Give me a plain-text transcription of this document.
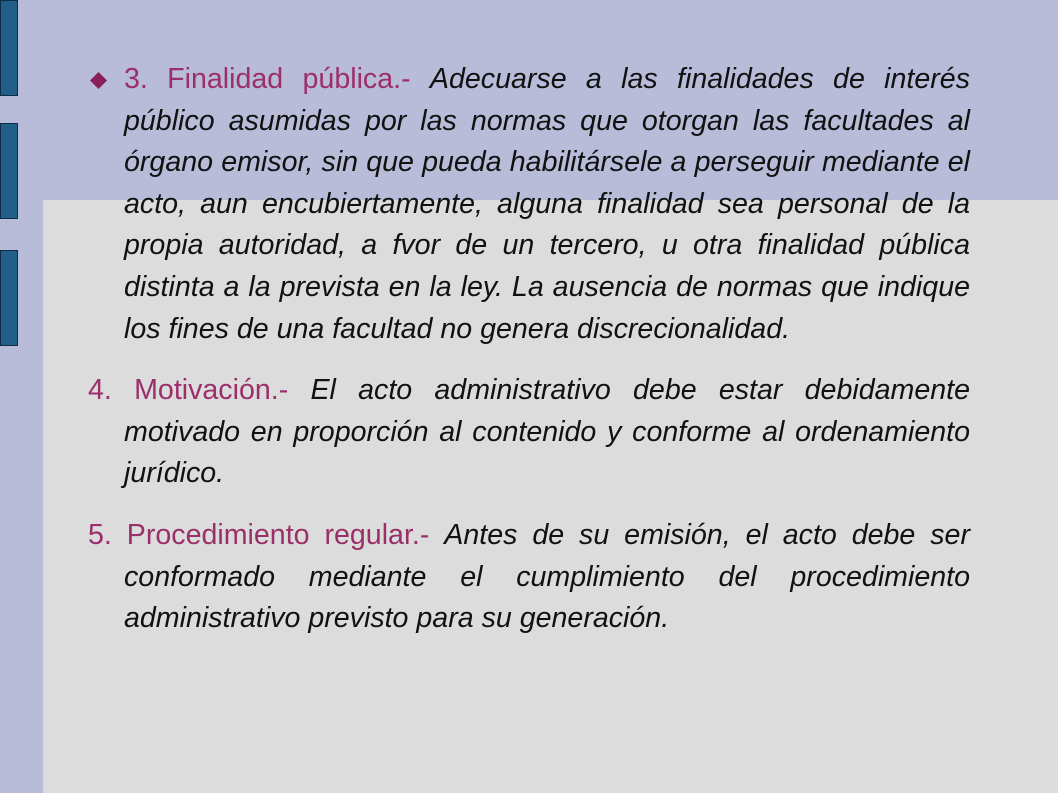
3. Finalidad pública.- Adecuarse a las finalidades de interés público asumidas por las normas que otorgan las facultades al órgano emisor, sin que pueda habilitársele a perseguir mediante el acto, aun encubiertamente, alguna finalidad sea personal de la propia autoridad, a fvor de un tercero, u otra finalidad pública distinta a la prevista en la ley. La ausencia de normas que indique los fines de una facultad no genera discrecionalidad.
4. Motivación.- El acto administrativo debe estar debidamente motivado en proporción al contenido y conforme al ordenamiento jurídico.
5. Procedimiento regular.- Antes de su emisión, el acto debe ser conformado mediante el cumplimiento del procedimiento administrativo previsto para su generación.
